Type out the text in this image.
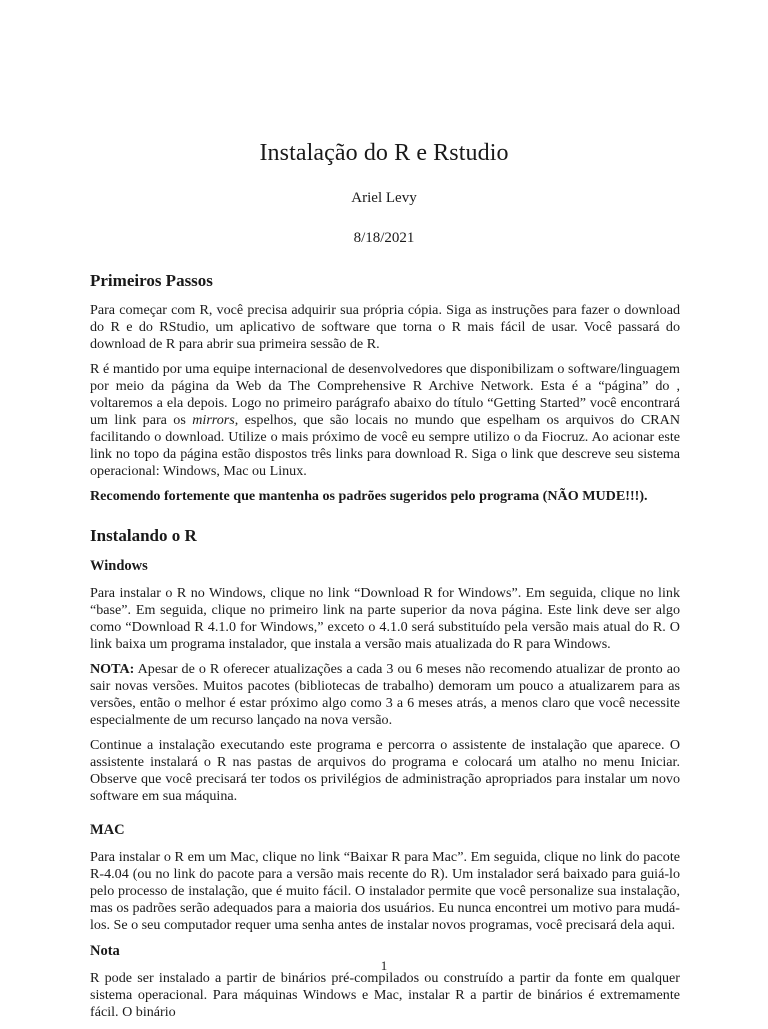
Instalação do R e Rstudio
Ariel Levy
8/18/2021
Primeiros Passos

Para começar com R, você precisa adquirir sua própria cópia. Siga as instruções para fazer o download do R e do RStudio, um aplicativo de software que torna o R mais fácil de usar. Você passará do download de R para abrir sua primeira sessão de R.

R é mantido por uma equipe internacional de desenvolvedores que disponibilizam o software/linguagem por meio da página da Web da The Comprehensive R Archive Network. Esta é a “página” do , voltaremos a ela depois. Logo no primeiro parágrafo abaixo do título “Getting Started” você encontrará um link para os mirrors, espelhos, que são locais no mundo que espelham os arquivos do CRAN facilitando o download. Utilize o mais próximo de você eu sempre utilizo o da Fiocruz. Ao acionar este link no topo da página estão dispostos três links para download R. Siga o link que descreve seu sistema operacional: Windows, Mac ou Linux.

Recomendo fortemente que mantenha os padrões sugeridos pelo programa (NÃO MUDE!!!).

Instalando o R
Windows

Para instalar o R no Windows, clique no link “Download R for Windows”. Em seguida, clique no link “base”. Em seguida, clique no primeiro link na parte superior da nova página. Este link deve ser algo como “Download R 4.1.0 for Windows,” exceto o 4.1.0 será substituído pela versão mais atual do R. O link baixa um programa instalador, que instala a versão mais atualizada do R para Windows.

NOTA: Apesar de o R oferecer atualizações a cada 3 ou 6 meses não recomendo atualizar de pronto ao sair novas versões. Muitos pacotes (bibliotecas de trabalho) demoram um pouco a atualizarem para as versões, então o melhor é estar próximo algo como 3 a 6 meses atrás, a menos claro que você necessite especialmente de um recurso lançado na nova versão.

Continue a instalação executando este programa e percorra o assistente de instalação que aparece. O assistente instalará o R nas pastas de arquivos do programa e colocará um atalho no menu Iniciar. Observe que você precisará ter todos os privilégios de administração apropriados para instalar um novo software em sua máquina.

MAC

Para instalar o R em um Mac, clique no link “Baixar R para Mac”. Em seguida, clique no link do pacote R-4.04 (ou no link do pacote para a versão mais recente do R). Um instalador será baixado para guiá-lo pelo processo de instalação, que é muito fácil. O instalador permite que você personalize sua instalação, mas os padrões serão adequados para a maioria dos usuários. Eu nunca encontrei um motivo para mudá-los. Se o seu computador requer uma senha antes de instalar novos programas, você precisará dela aqui.

Nota

R pode ser instalado a partir de binários pré-compilados ou construído a partir da fonte em qualquer sistema operacional. Para máquinas Windows e Mac, instalar R a partir de binários é extremamente fácil. O binário

1
